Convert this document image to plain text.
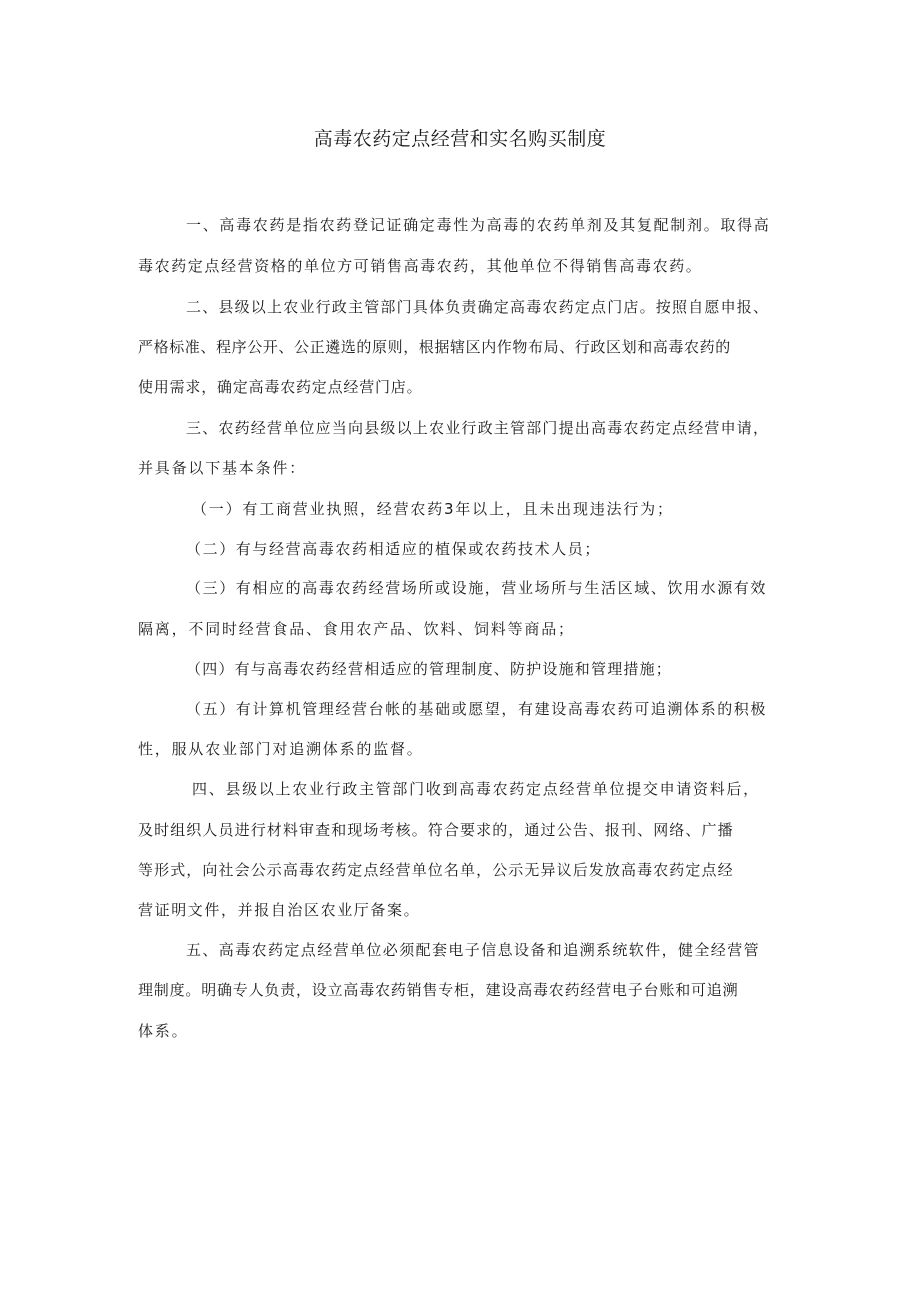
高毒农药定点经营和实名购买制度
一、高毒农药是指农药登记证确定毒性为高毒的农药单剂及其复配制剂。取得高
毒农药定点经营资格的单位方可销售高毒农药，其他单位不得销售高毒农药。
二、县级以上农业行政主管部门具体负责确定高毒农药定点门店。按照自愿申报、
严格标准、程序公开、公正遴选的原则，根据辖区内作物布局、行政区划和高毒农药的
使用需求，确定高毒农药定点经营门店。
三、农药经营单位应当向县级以上农业行政主管部门提出高毒农药定点经营申请，
并具备以下基本条件：
（一）有工商营业执照，经营农药3年以上，且未出现违法行为；
（二）有与经营高毒农药相适应的植保或农药技术人员；
（三）有相应的高毒农药经营场所或设施，营业场所与生活区域、饮用水源有效
隔离，不同时经营食品、食用农产品、饮料、饲料等商品；
（四）有与高毒农药经营相适应的管理制度、防护设施和管理措施；
（五）有计算机管理经营台帐的基础或愿望，有建设高毒农药可追溯体系的积极
性，服从农业部门对追溯体系的监督。
四、县级以上农业行政主管部门收到高毒农药定点经营单位提交申请资料后，
及时组织人员进行材料审查和现场考核。符合要求的，通过公告、报刊、网络、广播
等形式，向社会公示高毒农药定点经营单位名单，公示无异议后发放高毒农药定点经
营证明文件，并报自治区农业厅备案。
五、高毒农药定点经营单位必须配套电子信息设备和追溯系统软件，健全经营管
理制度。明确专人负责，设立高毒农药销售专柜，建设高毒农药经营电子台账和可追溯
体系。
